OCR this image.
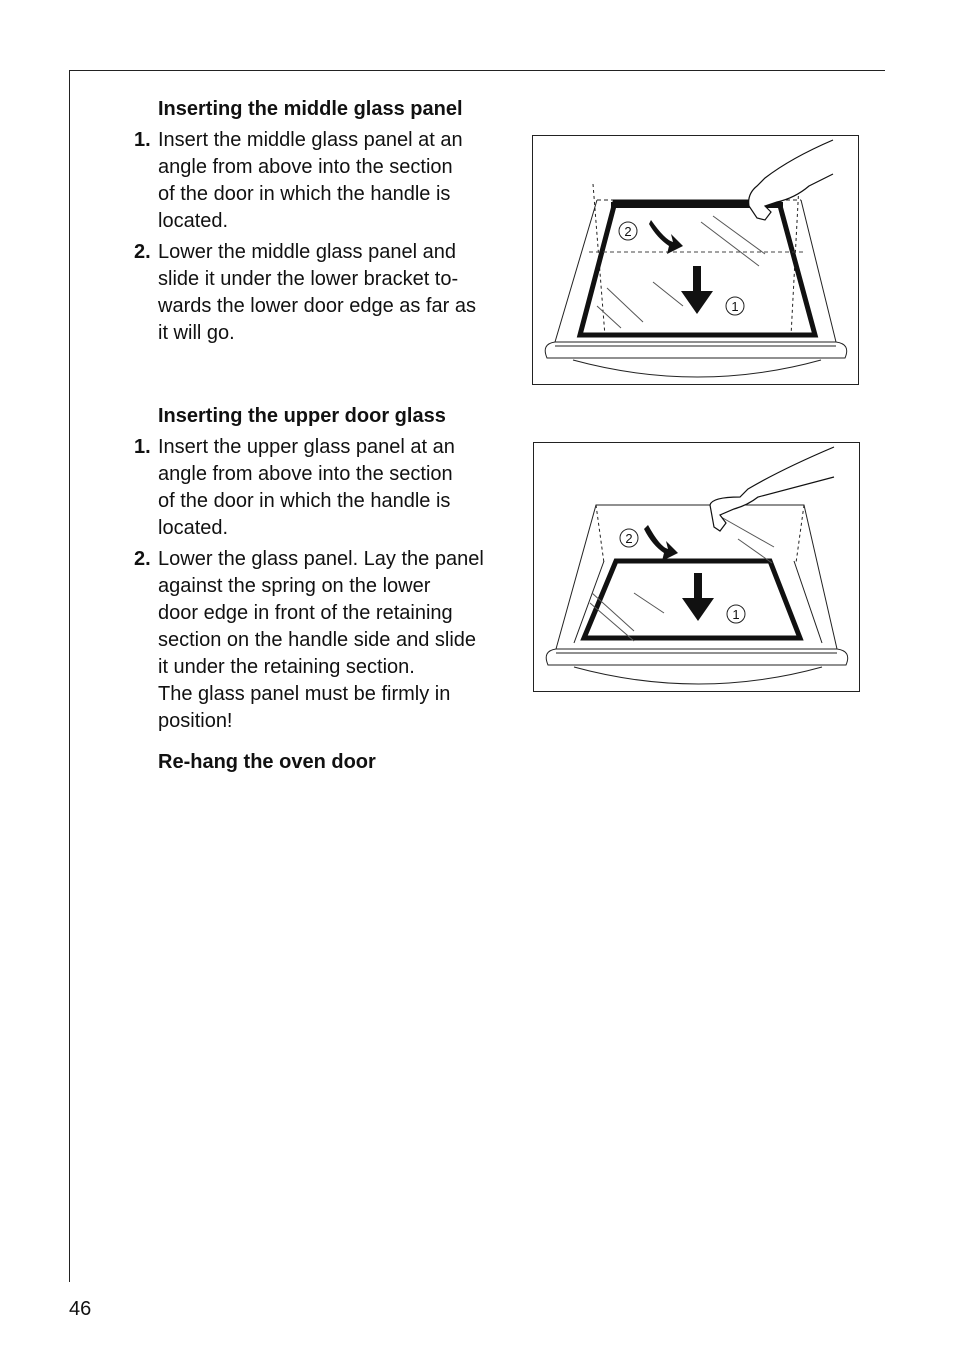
Inserting the middle glass panel
1. Insert the middle glass panel at an
angle from above into the section
of the door in which the handle is
located.
2. Lower the middle glass panel and
slide it under the lower bracket to-
wards the lower door edge as far as
it will go.
Inserting the upper door glass
1. Insert the upper glass panel at an
angle from above into the section
of the door in which the handle is
located.
2. Lower the glass panel. Lay the panel
against the spring on the lower
door edge in front of the retaining
section on the handle side and slide
it under the retaining section.
The glass panel must be firmly in
position!
Re-hang the oven door
2
1
2
1
46
